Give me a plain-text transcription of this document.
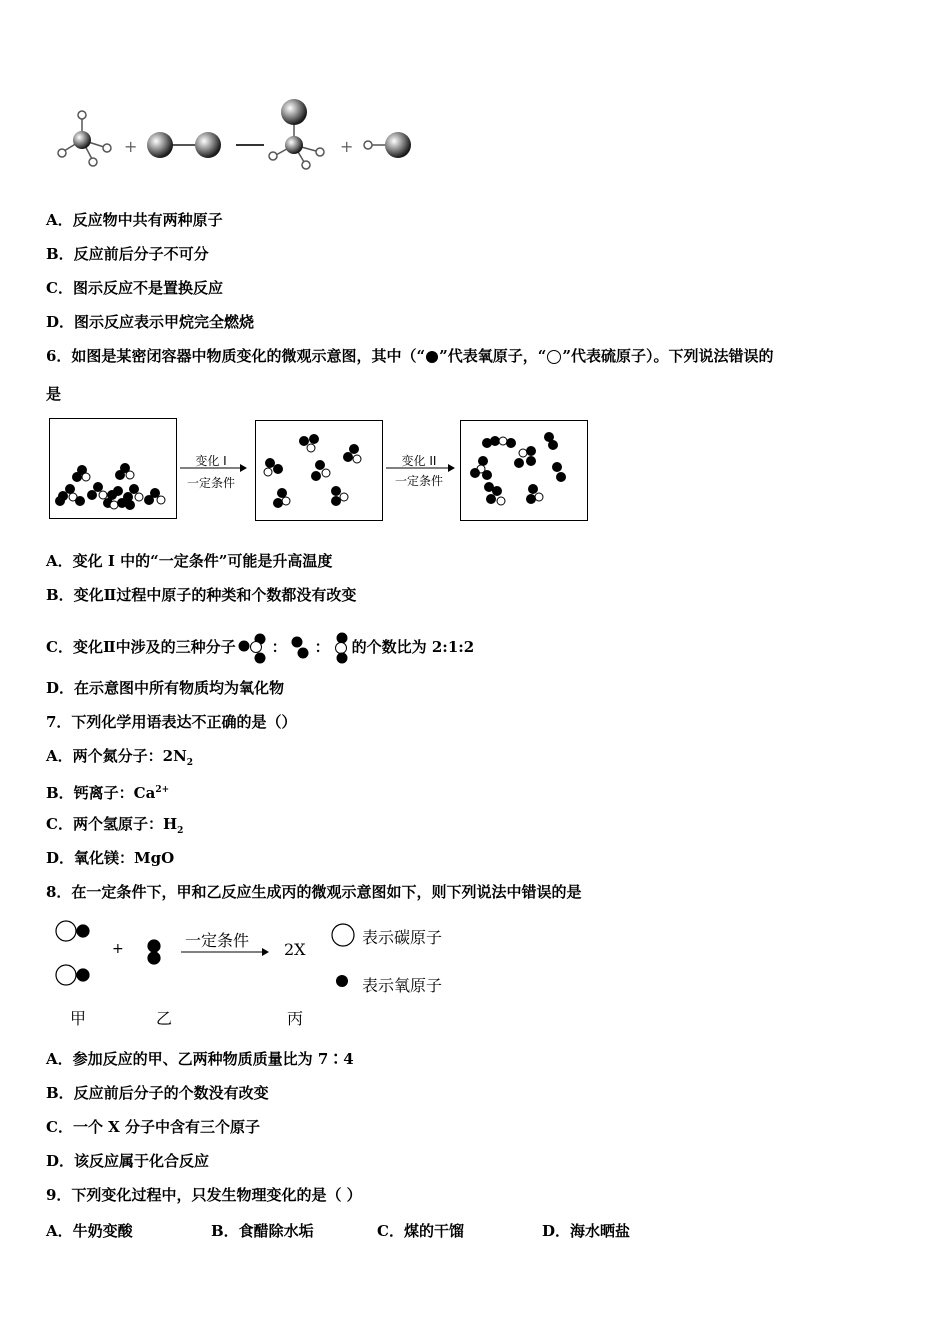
+	+
A．反应物中共有两种原子
B．反应前后分子不可分
C．图示反应不是置换反应
D．图示反应表示甲烷完全燃烧
6．如图是某密闭容器中物质变化的微观示意图，其中（“ ”代表氧原子，“ ”代表硫原子）。下列说法错误的
是
变化 I
一定条件
变化 II
一定条件
A．变化 I 中的“一定条件”可能是升高温度
B．变化Ⅱ过程中原子的种类和个数都没有改变
C．变化Ⅱ中涉及的三种分子 ： ： 的个数比为 2:1:2
D．在示意图中所有物质均为氧化物
7．下列化学用语表达不正确的是（）
A．两个氮分子：$2N_2$
B．钙离子：$Ca^{2+}$
C．两个氢原子：$H_2$
D．氧化镁：MgO
8．在一定条件下，甲和乙反应生成丙的微观示意图如下，则下列说法中错误的是
+	一定条件 2X
表示碳原子
表示氧原子
甲	乙	丙
A．参加反应的甲、乙两种物质质量比为 7∶4
B．反应前后分子的个数没有改变
C．一个 X 分子中含有三个原子
D．该反应属于化合反应
9．下列变化过程中，只发生物理变化的是（ ）
A．牛奶变酸	B．食醋除水垢	C．煤的干馏	D．海水晒盐
